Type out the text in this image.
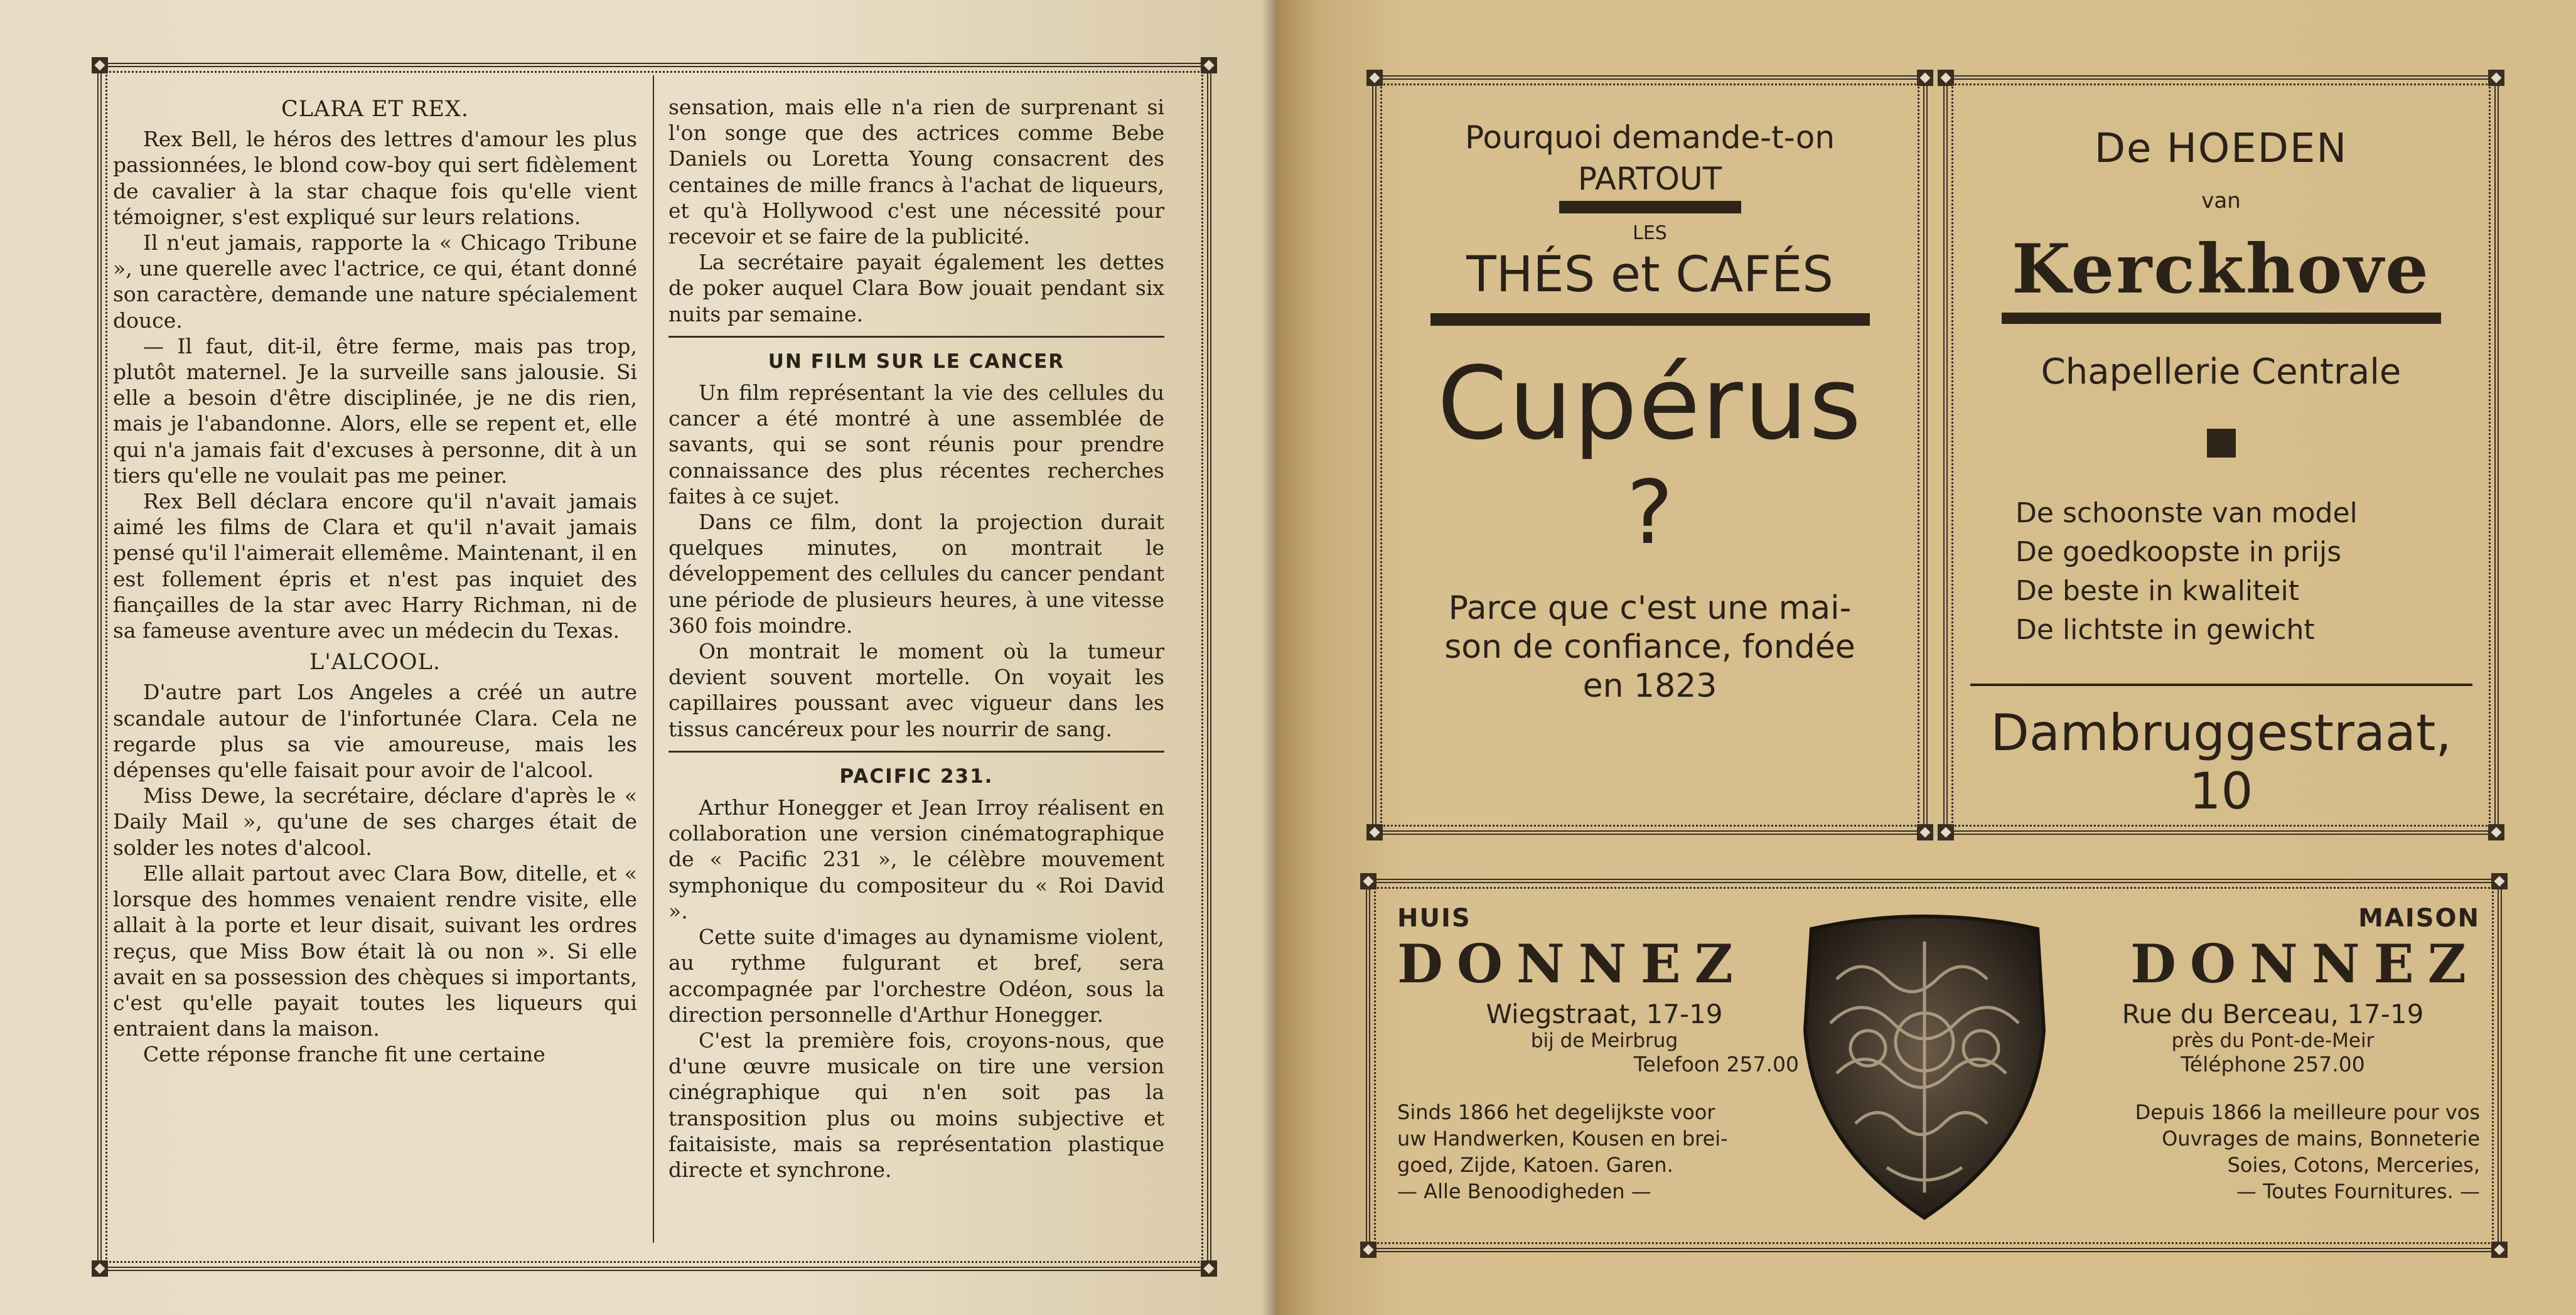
CLARA ET REX.

Rex Bell, le héros des lettres d'amour les plus passionnées, le blond cow-boy qui sert fidèlement de cavalier à la star chaque fois qu'elle vient témoigner, s'est expliqué sur leurs relations.

Il n'eut jamais, rapporte la « Chicago Tribune », une querelle avec l'actrice, ce qui, étant donné son caractère, demande une nature spécialement douce.

— Il faut, dit-il, être ferme, mais pas trop, plutôt maternel. Je la surveille sans jalousie. Si elle a besoin d'être disciplinée, je ne dis rien, mais je l'abandonne. Alors, elle se repent et, elle qui n'a jamais fait d'excuses à personne, dit à un tiers qu'elle ne voulait pas me peiner.

Rex Bell déclara encore qu'il n'avait jamais aimé les films de Clara et qu'il n'avait jamais pensé qu'il l'aimerait ellemême. Maintenant, il en est follement épris et n'est pas inquiet des fiançailles de la star avec Harry Richman, ni de sa fameuse aventure avec un médecin du Texas.

L'ALCOOL.

D'autre part Los Angeles a créé un autre scandale autour de l'infortunée Clara. Cela ne regarde plus sa vie amoureuse, mais les dépenses qu'elle faisait pour avoir de l'alcool.

Miss Dewe, la secrétaire, déclare d'après le « Daily Mail », qu'une de ses charges était de solder les notes d'alcool.

Elle allait partout avec Clara Bow, ditelle, et « lorsque des hommes venaient rendre visite, elle allait à la porte et leur disait, suivant les ordres reçus, que Miss Bow était là ou non ». Si elle avait en sa possession des chèques si importants, c'est qu'elle payait toutes les liqueurs qui entraient dans la maison.

Cette réponse franche fit une certaine

sensation, mais elle n'a rien de surprenant si l'on songe que des actrices comme Bebe Daniels ou Loretta Young consacrent des centaines de mille francs à l'achat de liqueurs, et qu'à Hollywood c'est une nécessité pour recevoir et se faire de la publicité.

La secrétaire payait également les dettes de poker auquel Clara Bow jouait pendant six nuits par semaine.

UN FILM SUR LE CANCER

Un film représentant la vie des cellules du cancer a été montré à une assemblée de savants, qui se sont réunis pour prendre connaissance des plus récentes recherches faites à ce sujet.

Dans ce film, dont la projection durait quelques minutes, on montrait le développement des cellules du cancer pendant une période de plusieurs heures, à une vitesse 360 fois moindre.

On montrait le moment où la tumeur devient souvent mortelle. On voyait les capillaires poussant avec vigueur dans les tissus cancéreux pour les nourrir de sang.

PACIFIC 231.

Arthur Honegger et Jean Irroy réalisent en collaboration une version cinématographique de « Pacific 231 », le célèbre mouvement symphonique du compositeur du « Roi David ».

Cette suite d'images au dynamisme violent, au rythme fulgurant et bref, sera accompagnée par l'orchestre Odéon, sous la direction personnelle d'Arthur Honegger.

C'est la première fois, croyons-nous, que d'une œuvre musicale on tire une version cinégraphique qui n'en soit pas la transposition plus ou moins subjective et faitaisiste, mais sa représentation plastique directe et synchrone.

Pourquoi demande-t-on
PARTOUT
LES
THÉS et CAFÉS
Cupérus
?
Parce que c'est une mai-
son de confiance, fondée
en 1823
De HOEDEN
van
Kerckhove
Chapellerie Centrale
De schoonste van model
De goedkoopste in prijs
De beste in kwaliteit
De lichtste in gewicht
Dambruggestraat, 10
HUIS
DONNEZ
Wiegstraat, 17-19
bij de Meirbrug
Telefoon 257.00
Sinds 1866 het degelijkste voor
uw Handwerken, Kousen en brei-
goed, Zijde, Katoen. Garen.
— Alle Benoodigheden —
MAISON
DONNEZ
Rue du Berceau, 17-19
près du Pont-de-Meir
Téléphone 257.00
Depuis 1866 la meilleure pour vos
Ouvrages de mains, Bonneterie
Soies, Cotons, Merceries,
— Toutes Fournitures. —
